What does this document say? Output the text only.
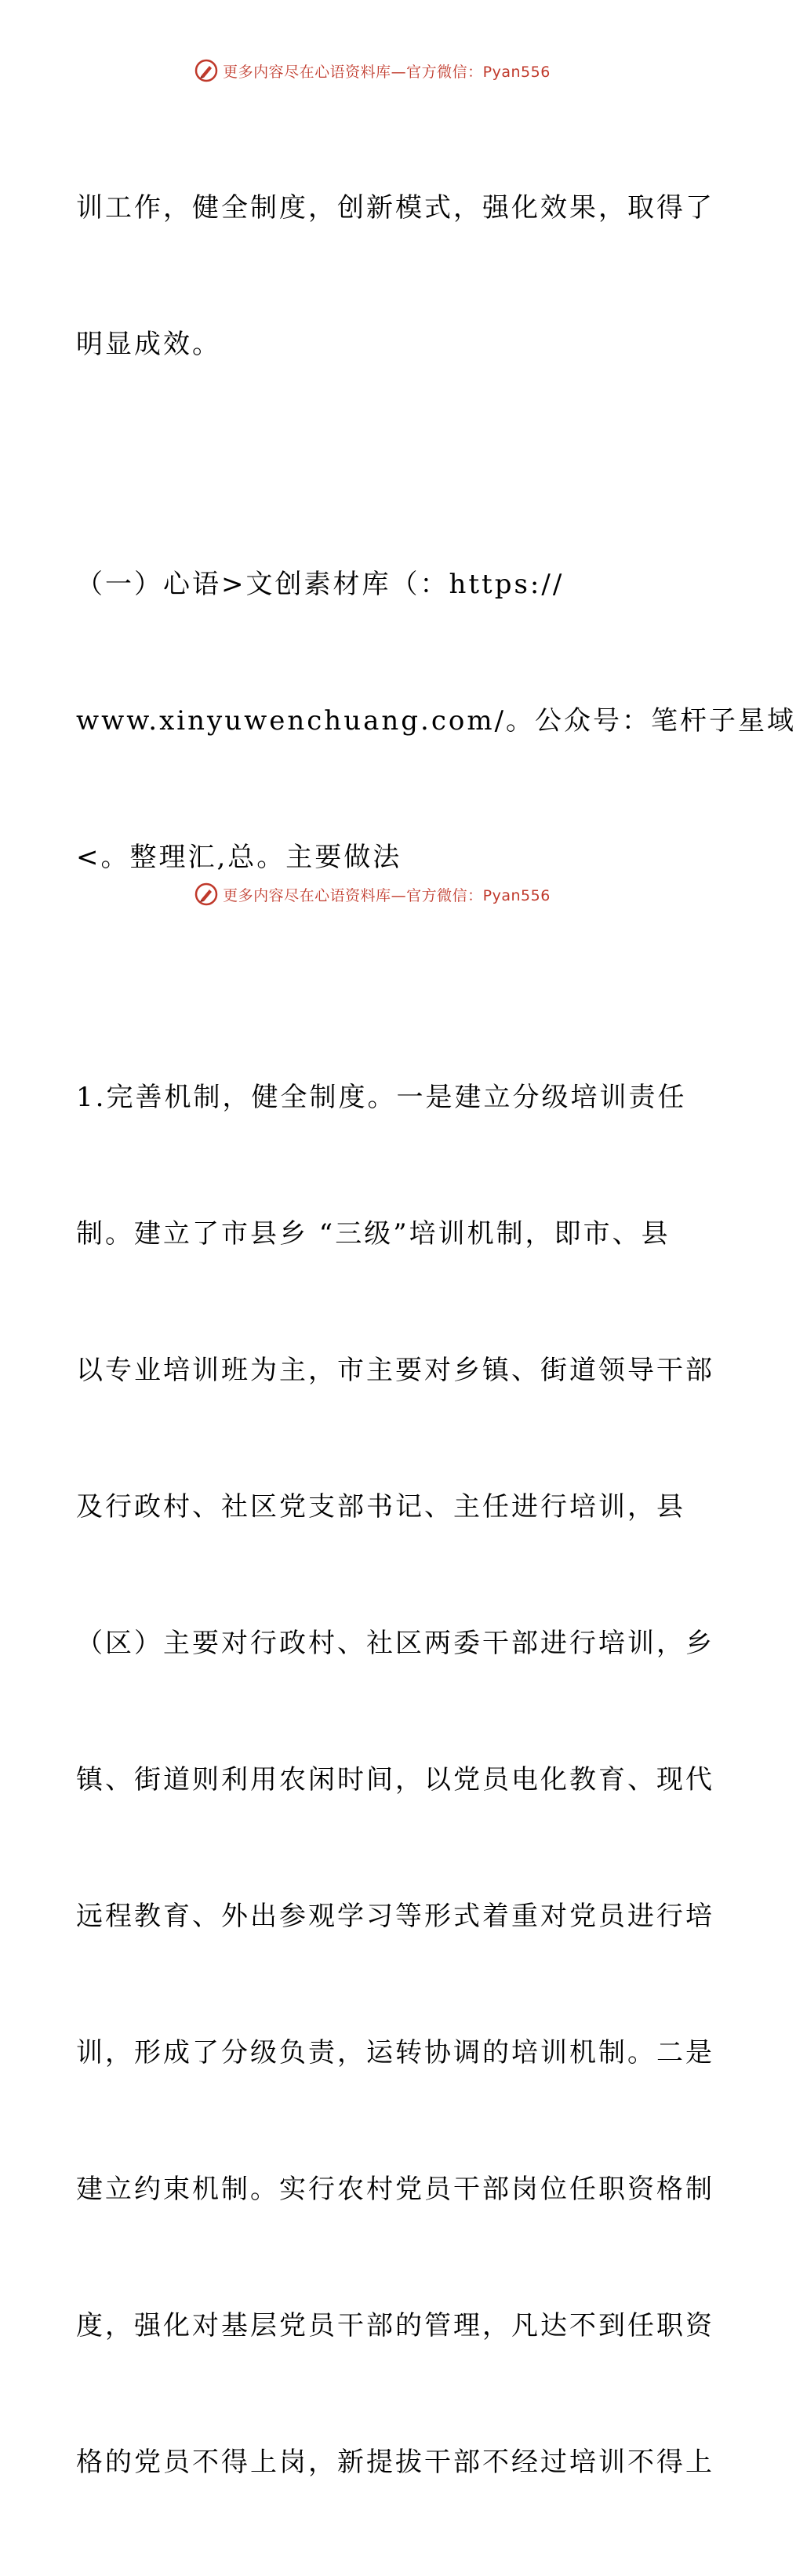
更多内容尽在心语资料库—官方微信：Pyan556

训工作，健全制度，创新模式，强化效果，取得了

明显成效。

（一）心语>文创素材库（：https://

www.xinyuwenchuang.com/。公众号：笔杆子星域

<。整理汇,总。主要做法

1.完善机制，健全制度。一是建立分级培训责任

制。建立了市县乡 “三级”培训机制，即市、县

以专业培训班为主，市主要对乡镇、街道领导干部

及行政村、社区党支部书记、主任进行培训，县

（区）主要对行政村、社区两委干部进行培训，乡

镇、街道则利用农闲时间，以党员电化教育、现代

远程教育、外出参观学习等形式着重对党员进行培

训，形成了分级负责，运转协调的培训机制。二是

建立约束机制。实行农村党员干部岗位任职资格制

度，强化对基层党员干部的管理，凡达不到任职资

格的党员不得上岗，新提拔干部不经过培训不得上

更多内容尽在心语资料库—官方微信：Pyan556
